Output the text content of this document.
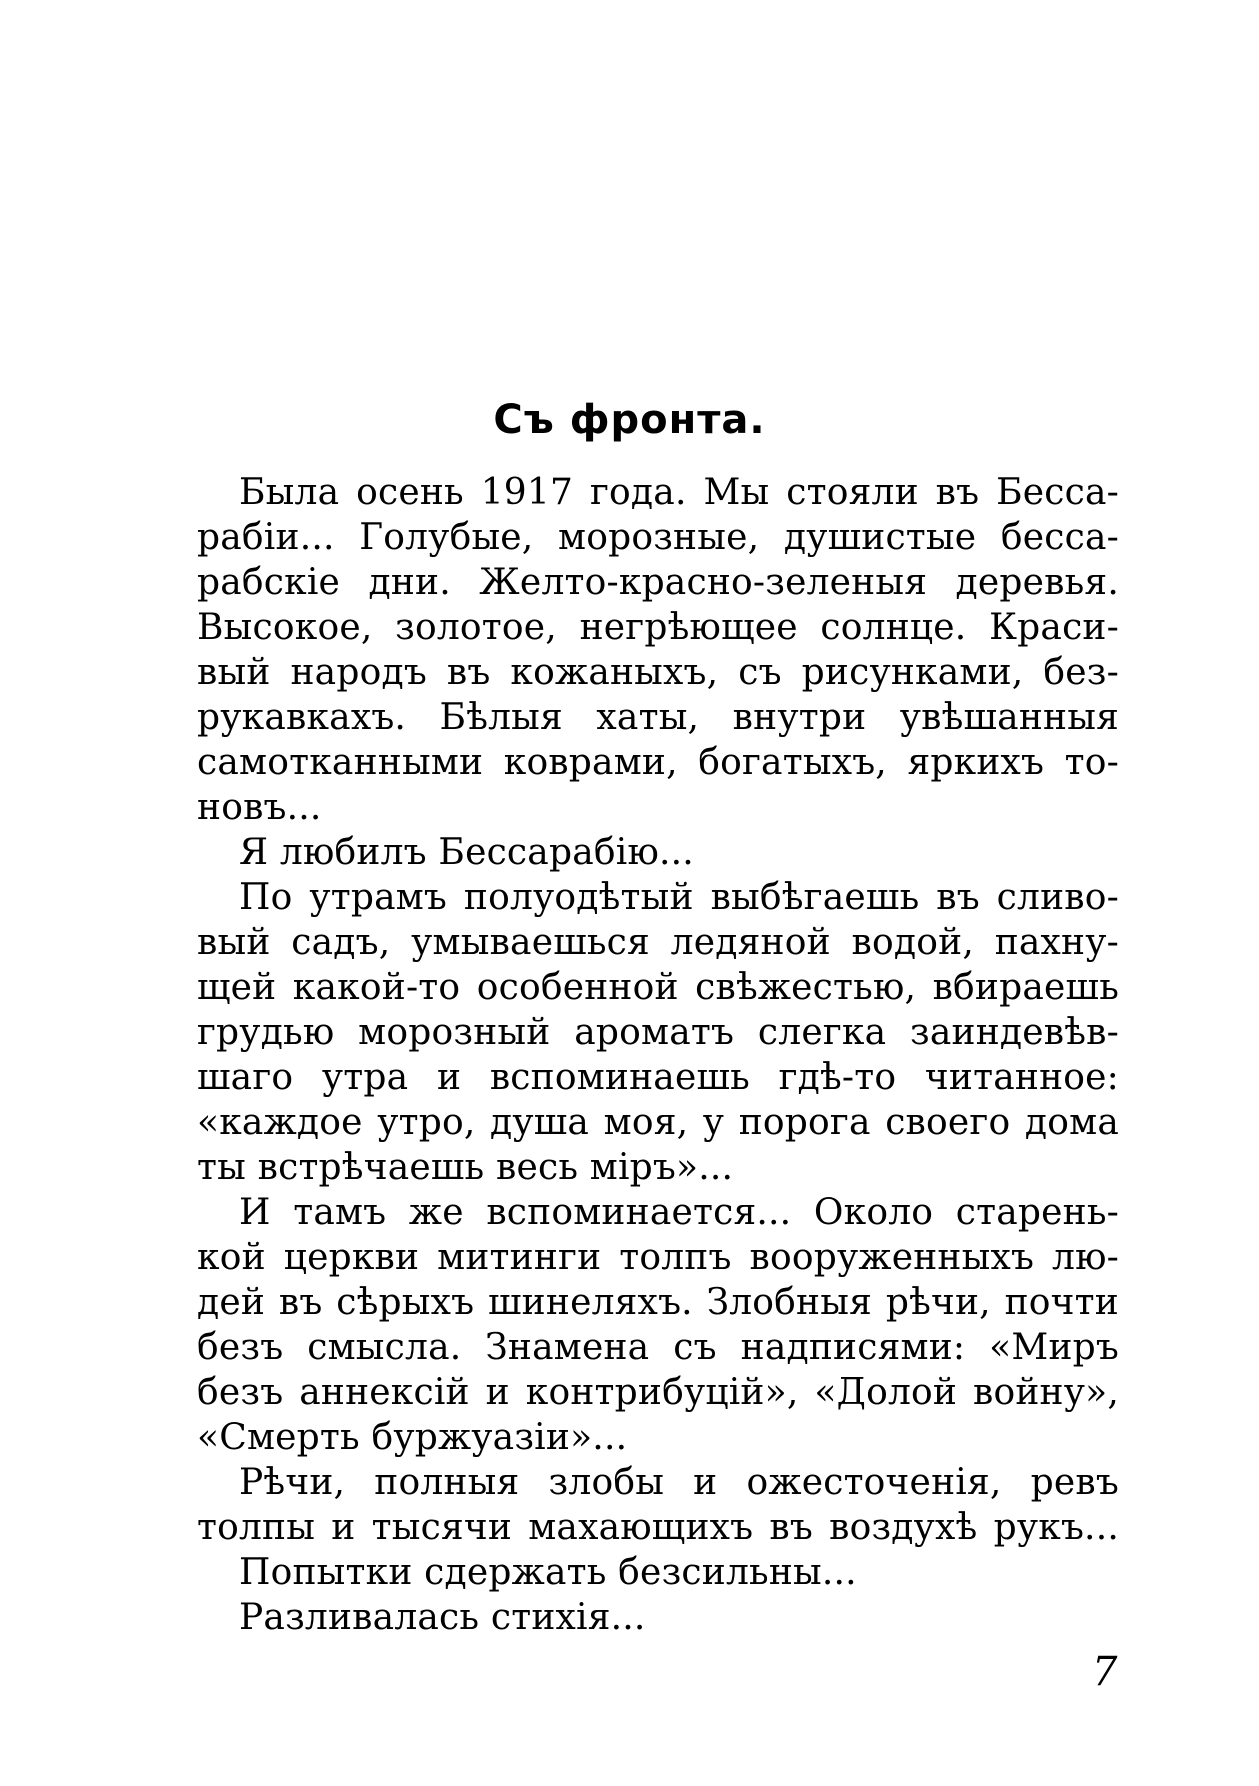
Съ фронта.
Была осень 1917 года. Мы стояли въ Бесса-
рабіи... Голубые, морозные, душистые бесса-
рабскіе дни. Желто-красно-зеленыя деревья.
Высокое, золотое, негрѣющее солнце. Краси-
вый народъ въ кожаныхъ, съ рисунками, без-
рукавкахъ. Бѣлыя хаты, внутри увѣшанныя
самотканными коврами, богатыхъ, яркихъ то-
новъ...
Я любилъ Бессарабію...
По утрамъ полуодѣтый выбѣгаешь въ сливо-
вый садъ, умываешься ледяной водой, пахну-
щей какой-то особенной свѣжестью, вбираешь
грудью морозный ароматъ слегка заиндевѣв-
шаго утра и вспоминаешь гдѣ-то читанное:
«каждое утро, душа моя, у порога своего дома
ты встрѣчаешь весь міръ»...
И тамъ же вспоминается... Около старень-
кой церкви митинги толпъ вооруженныхъ лю-
дей въ сѣрыхъ шинеляхъ. Злобныя рѣчи, почти
безъ смысла. Знамена съ надписями: «Миръ
безъ аннексій и контрибуцій», «Долой войну»,
«Смерть буржуазіи»...
Рѣчи, полныя злобы и ожесточенія, ревъ
толпы и тысячи махающихъ въ воздухѣ рукъ...
Попытки сдержать безсильны...
Разливалась стихія...
7
